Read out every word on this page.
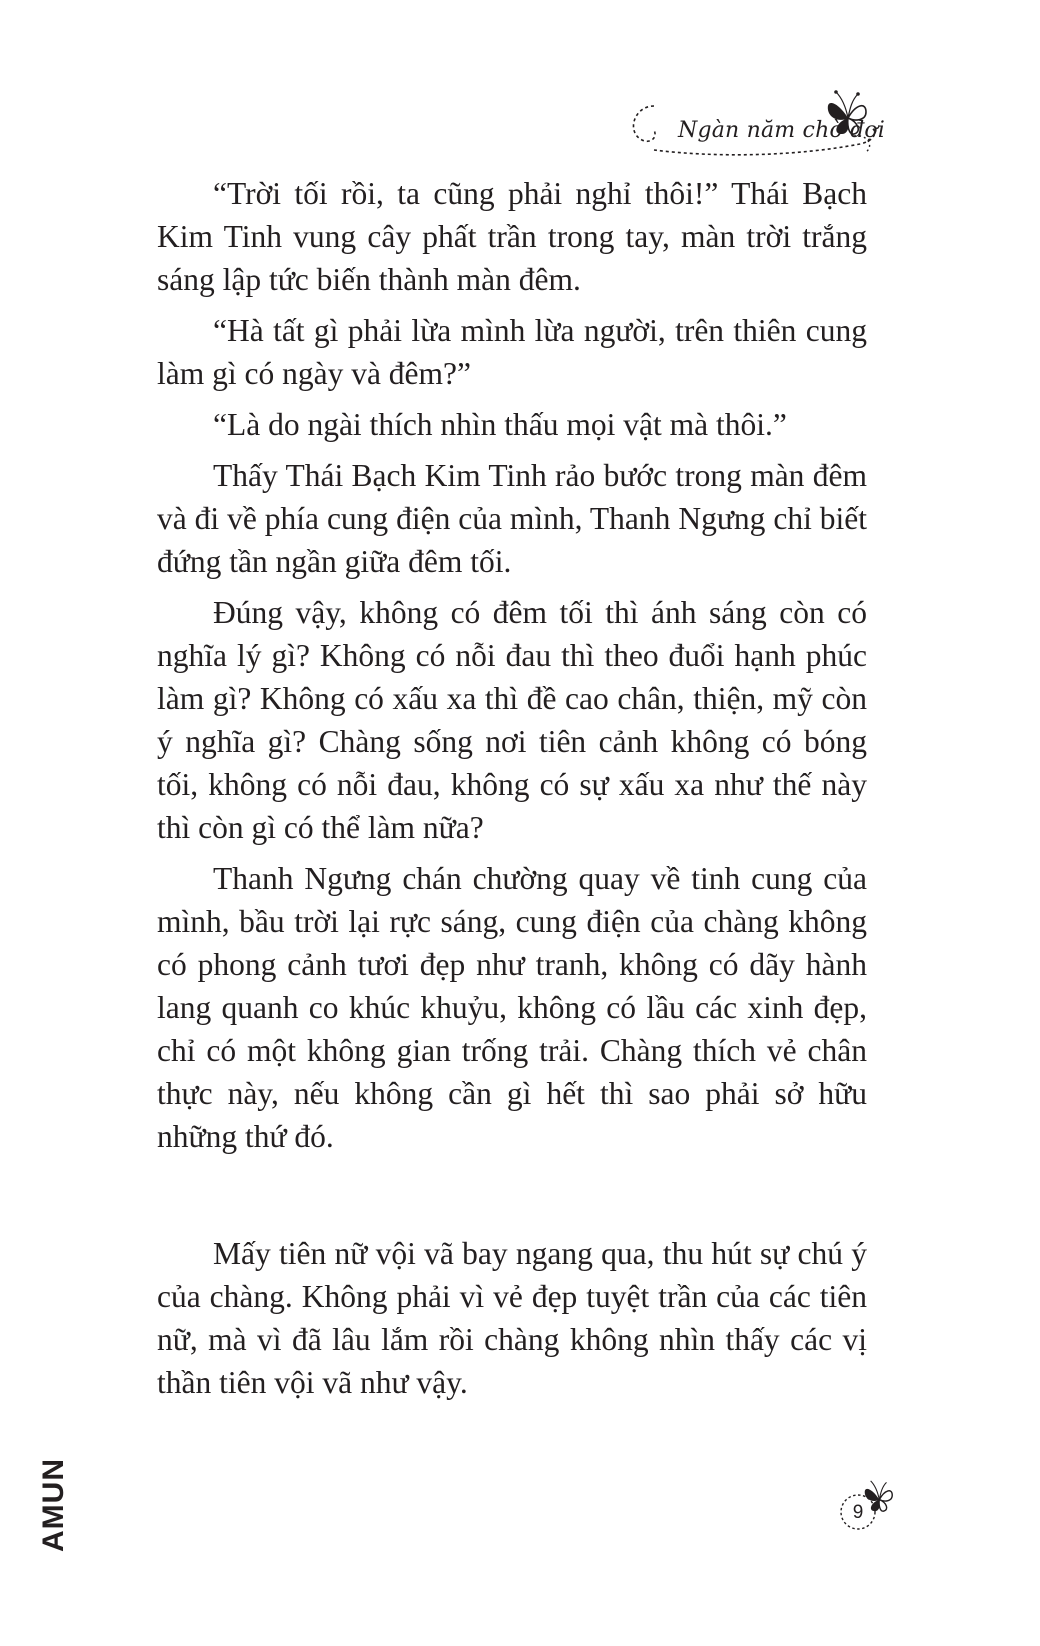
Ngàn năm chờ đợi

“Trời tối rồi, ta cũng phải nghỉ thôi!” Thái Bạch Kim Tinh vung cây phất trần trong tay, màn trời trắng sáng lập tức biến thành màn đêm.

“Hà tất gì phải lừa mình lừa người, trên thiên cung làm gì có ngày và đêm?”

“Là do ngài thích nhìn thấu mọi vật mà thôi.”

Thấy Thái Bạch Kim Tinh rảo bước trong màn đêm và đi về phía cung điện của mình, Thanh Ngưng chỉ biết đứng tần ngần giữa đêm tối.

Đúng vậy, không có đêm tối thì ánh sáng còn có nghĩa lý gì? Không có nỗi đau thì theo đuổi hạnh phúc làm gì? Không có xấu xa thì đề cao chân, thiện, mỹ còn ý nghĩa gì? Chàng sống nơi tiên cảnh không có bóng tối, không có nỗi đau, không có sự xấu xa như thế này thì còn gì có thể làm nữa?

Thanh Ngưng chán chường quay về tinh cung của mình, bầu trời lại rực sáng, cung điện của chàng không có phong cảnh tươi đẹp như tranh, không có dãy hành lang quanh co khúc khuỷu, không có lầu các xinh đẹp, chỉ có một không gian trống trải. Chàng thích vẻ chân thực này, nếu không cần gì hết thì sao phải sở hữu những thứ đó.

Mấy tiên nữ vội vã bay ngang qua, thu hút sự chú ý của chàng. Không phải vì vẻ đẹp tuyệt trần của các tiên nữ, mà vì đã lâu lắm rồi chàng không nhìn thấy các vị thần tiên vội vã như vậy.

AMUN	9
